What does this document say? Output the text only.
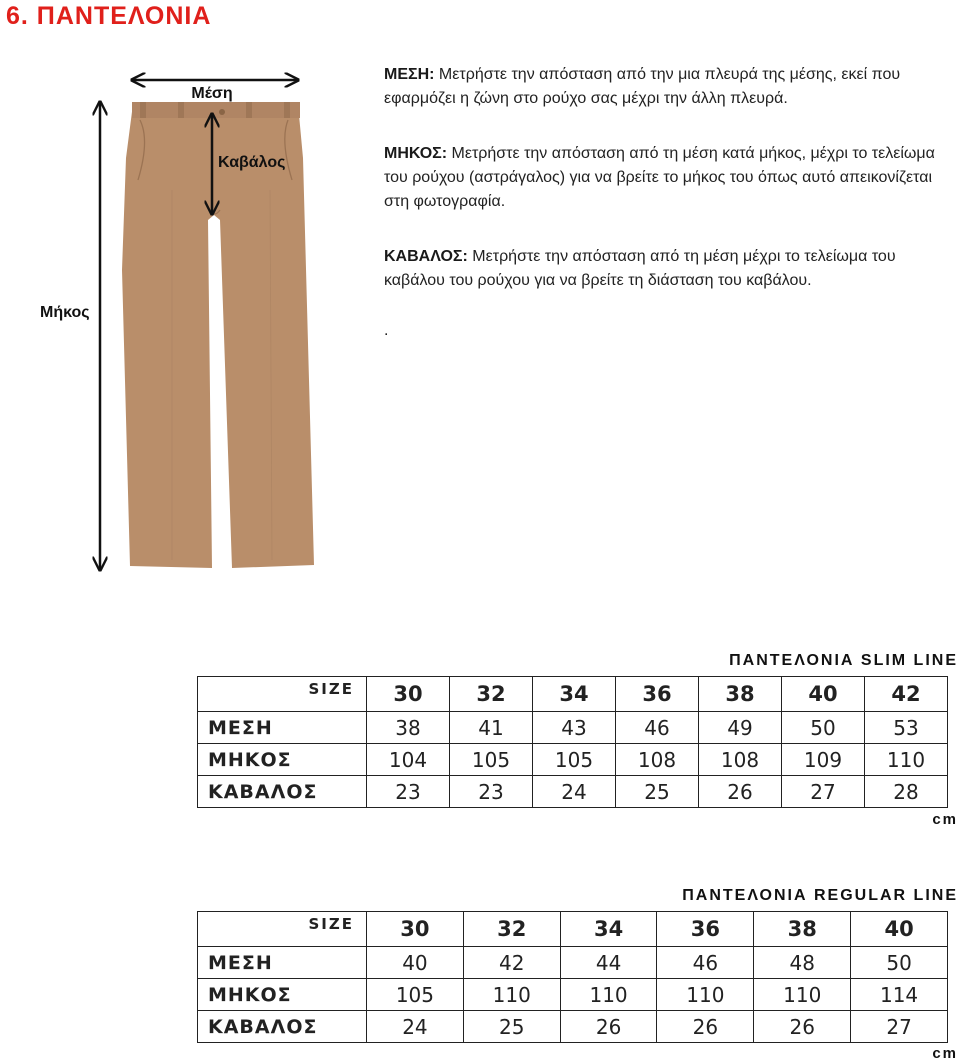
6. ΠΑΝΤΕΛΟΝΙΑ
Μέση
Καβάλος
Μήκος
ΜΕΣΗ: Μετρήστε την απόσταση από την μια πλευρά της μέσης, εκεί που εφαρμόζει η ζώνη στο ρούχο σας μέχρι την άλλη πλευρά.
ΜΗΚΟΣ: Μετρήστε την απόσταση από τη μέση κατά μήκος, μέχρι το τελείωμα του ρούχου (αστράγαλος) για να βρείτε το μήκος του όπως αυτό απεικονίζεται στη φωτογραφία.
ΚΑΒΑΛΟΣ: Μετρήστε την απόσταση από τη μέση μέχρι το τελείωμα του καβάλου του ρούχου για να βρείτε τη διάσταση του καβάλου.
.
ΠΑΝΤΕΛΟΝΙΑ SLIM LINE
SIZE	30	32	34	36	38	40	42
ΜΕΣΗ	38	41	43	46	49	50	53
ΜΗΚΟΣ	104	105	105	108	108	109	110
ΚΑΒΑΛΟΣ	23	23	24	25	26	27	28
cm
ΠΑΝΤΕΛΟΝΙΑ REGULAR LINE
SIZE	30	32	34	36	38	40
ΜΕΣΗ	40	42	44	46	48	50
ΜΗΚΟΣ	105	110	110	110	110	114
ΚΑΒΑΛΟΣ	24	25	26	26	26	27
cm
